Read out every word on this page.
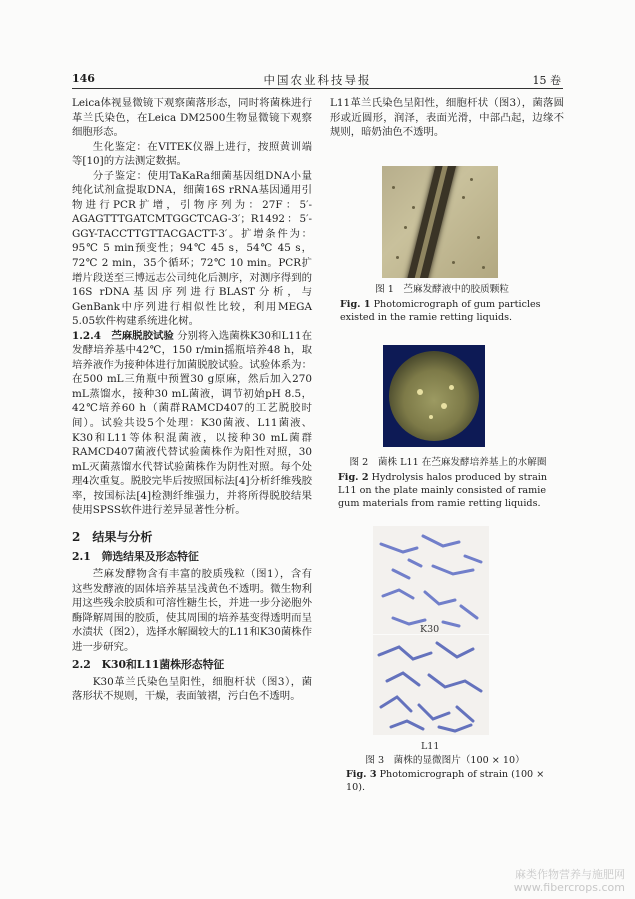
146	中国农业科技导报	15 卷

Leica体视显微镜下观察菌落形态，同时将菌株进行革兰氏染色，在Leica DM2500生物显微镜下观察细胞形态。

生化鉴定：在VITEK仪器上进行，按照黄训端等[10]的方法测定数据。

分子鉴定：使用TaKaRa细菌基因组DNA小量纯化试剂盒提取DNA，细菌16S rRNA基因通用引物进行PCR扩增，引物序列为：27F：5′-AGAGTTTGATCMTGGCTCAG-3′；R1492：5′-GGY-TACCTTGTTACGACTT-3′。扩增条件为：95℃ 5 min预变性；94℃ 45 s，54℃ 45 s，72℃ 2 min，35个循环；72℃ 10 min。PCR扩增片段送至三博远志公司纯化后测序，对测序得到的16S rDNA基因序列进行BLAST分析，与GenBank中序列进行相似性比较，利用MEGA 5.05软件构建系统进化树。

1.2.4　苎麻脱胶试验 分别将入选菌株K30和L11在发酵培养基中42℃，150 r/min摇瓶培养48 h，取培养液作为接种体进行加菌脱胶试验。试验体系为：在500 mL三角瓶中预置30 g原麻，然后加入270 mL蒸馏水，接种30 mL菌液，调节初始pH 8.5，42℃培养60 h（菌群RAMCD407的工艺脱胶时间）。试验共设5个处理：K30菌液、L11菌液、K30和L11等体积混菌液，以接种30 mL菌群RAMCD407菌液代替试验菌株作为阳性对照，30 mL灭菌蒸馏水代替试验菌株作为阴性对照。每个处理4次重复。脱胶完毕后按照国标法[4]分析纤维残胶率，按国标法[4]检测纤维强力，并将所得脱胶结果使用SPSS软件进行差异显著性分析。

2　结果与分析
2.1　筛选结果及形态特征

苎麻发酵物含有丰富的胶质残粒（图1），含有这些发酵液的固体培养基呈浅黄色不透明。微生物利用这些残余胶质和可溶性糖生长，并进一步分泌胞外酶降解周围的胶质，使其周围的培养基变得透明而呈水渍状（图2），选择水解圈较大的L11和K30菌株作进一步研究。

2.2　K30和L11菌株形态特征

K30革兰氏染色呈阳性，细胞杆状（图3），菌落形状不规则，干燥，表面皱褶，污白色不透明。

L11革兰氏染色呈阳性，细胞杆状（图3），菌落圆形或近圆形，润泽，表面光滑，中部凸起，边缘不规则，暗奶油色不透明。

图 1　苎麻发酵液中的胶质颗粒
Fig. 1 Photomicrograph of gum particles existed in the ramie retting liquids.
图 2　菌株 L11 在苎麻发酵培养基上的水解圈
Fig. 2 Hydrolysis halos produced by strain L11 on the plate mainly consisted of ramie gum materials from ramie retting liquids.
K30
L11
图 3　菌株的显微图片（100 × 10）
Fig. 3 Photomicrograph of strain (100 × 10).
麻类作物营养与施肥网
www.fibercrops.com
